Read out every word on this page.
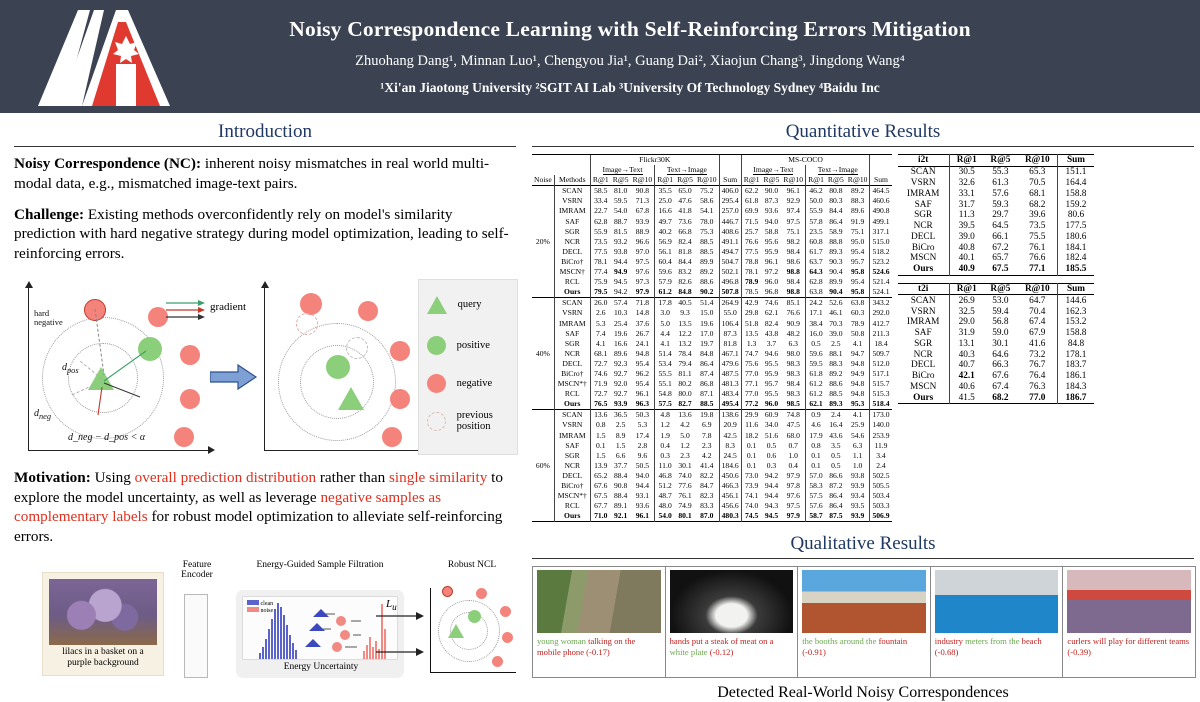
Noisy Correspondence Learning with Self-Reinforcing Errors Mitigation
Zhuohang Dang¹, Minnan Luo¹, Chengyou Jia¹, Guang Dai², Xiaojun Chang³, Jingdong Wang⁴
¹Xi'an Jiaotong University ²SGIT AI Lab ³University Of Technology Sydney ⁴Baidu Inc
Introduction

Noisy Correspondence (NC): inherent noisy mismatches in real world multi-modal data, e.g., mismatched image-text pairs.

Challenge: Existing methods overconfidently rely on model's similarity prediction with hard negative strategy during model optimization, leading to self-reinforcing errors.

hard
negative
$d_{pos}$
$d_{neg}$
d_neg − d_pos < α
gradient	query
positive
negative
previous
position

Motivation: Using overall prediction distribution rather than single similarity to explore the model uncertainty, as well as leverage negative samples as complementary labels for robust model optimization to alleviate self-reinforcing errors.

lilacs in a basket on a
purple background
Feature Encoder
Energy-Guided Sample Filtration
clean
noise
Energy Uncertainty
Robust NCL
$L_u$
Quantitative Results
		Flickr30K							MS-COCO						
		Image→Text			Text→Image				Image→Text			Text→Image			
Noise	Methods	R@1	R@5	R@10	R@1	R@5	R@10	Sum	R@1	R@5	R@10	R@1	R@5	R@10	Sum
20%	SCAN	58.5	81.0	90.8	35.5	65.0	75.2	406.0	62.2	90.0	96.1	46.2	80.8	89.2	464.5
	VSRN	33.4	59.5	71.3	25.0	47.6	58.6	295.4	61.8	87.3	92.9	50.0	80.3	88.3	460.6
	IMRAM	22.7	54.0	67.8	16.6	41.8	54.1	257.0	69.9	93.6	97.4	55.9	84.4	89.6	490.8
	SAF	62.8	88.7	93.9	49.7	73.6	78.0	446.7	71.5	94.0	97.5	57.8	86.4	91.9	499.1
	SGR	55.9	81.5	88.9	40.2	66.8	75.3	408.6	25.7	58.8	75.1	23.5	58.9	75.1	317.1
	NCR	73.5	93.2	96.6	56.9	82.4	88.5	491.1	76.6	95.6	98.2	60.8	88.8	95.0	515.0
	DECL	77.5	93.8	97.0	56.1	81.8	88.5	494.7	77.5	95.9	98.4	61.7	89.3	95.4	518.2
	BiCro†	78.1	94.4	97.5	60.4	84.4	89.9	504.7	78.8	96.1	98.6	63.7	90.3	95.7	523.2
	MSCN†	77.4	94.9	97.6	59.6	83.2	89.2	502.1	78.1	97.2	98.8	64.3	90.4	95.8	524.6
	RCL	75.9	94.5	97.3	57.9	82.6	88.6	496.8	78.9	96.0	98.4	62.8	89.9	95.4	521.4
	Ours	79.5	94.2	97.9	61.2	84.8	90.2	507.8	78.5	96.8	98.8	63.8	90.4	95.8	524.1
40%	SCAN	26.0	57.4	71.8	17.8	40.5	51.4	264.9	42.9	74.6	85.1	24.2	52.6	63.8	343.2
	VSRN	2.6	10.3	14.8	3.0	9.3	15.0	55.0	29.8	62.1	76.6	17.1	46.1	60.3	292.0
	IMRAM	5.3	25.4	37.6	5.0	13.5	19.6	106.4	51.8	82.4	90.9	38.4	70.3	78.9	412.7
	SAF	7.4	19.6	26.7	4.4	12.2	17.0	87.3	13.5	43.8	48.2	16.0	39.0	50.8	211.3
	SGR	4.1	16.6	24.1	4.1	13.2	19.7	81.8	1.3	3.7	6.3	0.5	2.5	4.1	18.4
	NCR	68.1	89.6	94.8	51.4	78.4	84.8	467.1	74.7	94.6	98.0	59.6	88.1	94.7	509.7
	DECL	72.7	92.3	95.4	53.4	79.4	86.4	479.6	75.6	95.5	98.3	59.5	88.3	94.8	512.0
	BiCro†	74.6	92.7	96.2	55.5	81.1	87.4	487.5	77.0	95.9	98.3	61.8	89.2	94.9	517.1
	MSCN*†	71.9	92.0	95.4	55.1	80.2	86.8	481.3	77.1	95.7	98.4	61.2	88.6	94.8	515.7
	RCL	72.7	92.7	96.1	54.8	80.0	87.1	483.4	77.0	95.5	98.3	61.2	88.5	94.8	515.3
	Ours	76.5	93.9	96.3	57.5	82.7	88.5	495.4	77.2	96.0	98.5	62.1	89.3	95.3	518.4
60%	SCAN	13.6	36.5	50.3	4.8	13.6	19.8	138.6	29.9	60.9	74.8	0.9	2.4	4.1	173.0
	VSRN	0.8	2.5	5.3	1.2	4.2	6.9	20.9	11.6	34.0	47.5	4.6	16.4	25.9	140.0
	IMRAM	1.5	8.9	17.4	1.9	5.0	7.8	42.5	18.2	51.6	68.0	17.9	43.6	54.6	253.9
	SAF	0.1	1.5	2.8	0.4	1.2	2.3	8.3	0.1	0.5	0.7	0.8	3.5	6.3	11.9
	SGR	1.5	6.6	9.6	0.3	2.3	4.2	24.5	0.1	0.6	1.0	0.1	0.5	1.1	3.4
	NCR	13.9	37.7	50.5	11.0	30.1	41.4	184.6	0.1	0.3	0.4	0.1	0.5	1.0	2.4
	DECL	65.2	88.4	94.0	46.8	74.0	82.2	450.6	73.0	94.2	97.9	57.0	86.6	93.8	502.5
	BiCro†	67.6	90.8	94.4	51.2	77.6	84.7	466.3	73.9	94.4	97.8	58.3	87.2	93.9	505.5
	MSCN*†	67.5	88.4	93.1	48.7	76.1	82.3	456.1	74.1	94.4	97.6	57.5	86.4	93.4	503.4
	RCL	67.7	89.1	93.6	48.0	74.9	83.3	456.6	74.0	94.3	97.5	57.6	86.4	93.5	503.3
	Ours	71.0	92.1	96.1	54.0	80.1	87.0	480.3	74.5	94.5	97.9	58.7	87.5	93.9	506.9
i2t	R@1	R@5	R@10	Sum
SCAN	30.5	55.3	65.3	151.1
VSRN	32.6	61.3	70.5	164.4
IMRAM	33.1	57.6	68.1	158.8
SAF	31.7	59.3	68.2	159.2
SGR	11.3	29.7	39.6	80.6
NCR	39.5	64.5	73.5	177.5
DECL	39.0	66.1	75.5	180.6
BiCro	40.8	67.2	76.1	184.1
MSCN	40.1	65.7	76.6	182.4
Ours	40.9	67.5	77.1	185.5
t2i	R@1	R@5	R@10	Sum
SCAN	26.9	53.0	64.7	144.6
VSRN	32.5	59.4	70.4	162.3
IMRAM	29.0	56.8	67.4	153.2
SAF	31.9	59.0	67.9	158.8
SGR	13.1	30.1	41.6	84.8
NCR	40.3	64.6	73.2	178.1
DECL	40.7	66.3	76.7	183.7
BiCro	42.1	67.6	76.4	186.1
MSCN	40.6	67.4	76.3	184.3
Ours	41.5	68.2	77.0	186.7
Qualitative Results
young woman talking on the mobile phone (-0.17)
hands put a steak of meat on a white plate (-0.12)
the booths around the fountain (-0.91)
industry meters from the beach (-0.68)
curlers will play for different teams (-0.39)
Detected Real-World Noisy Correspondences
